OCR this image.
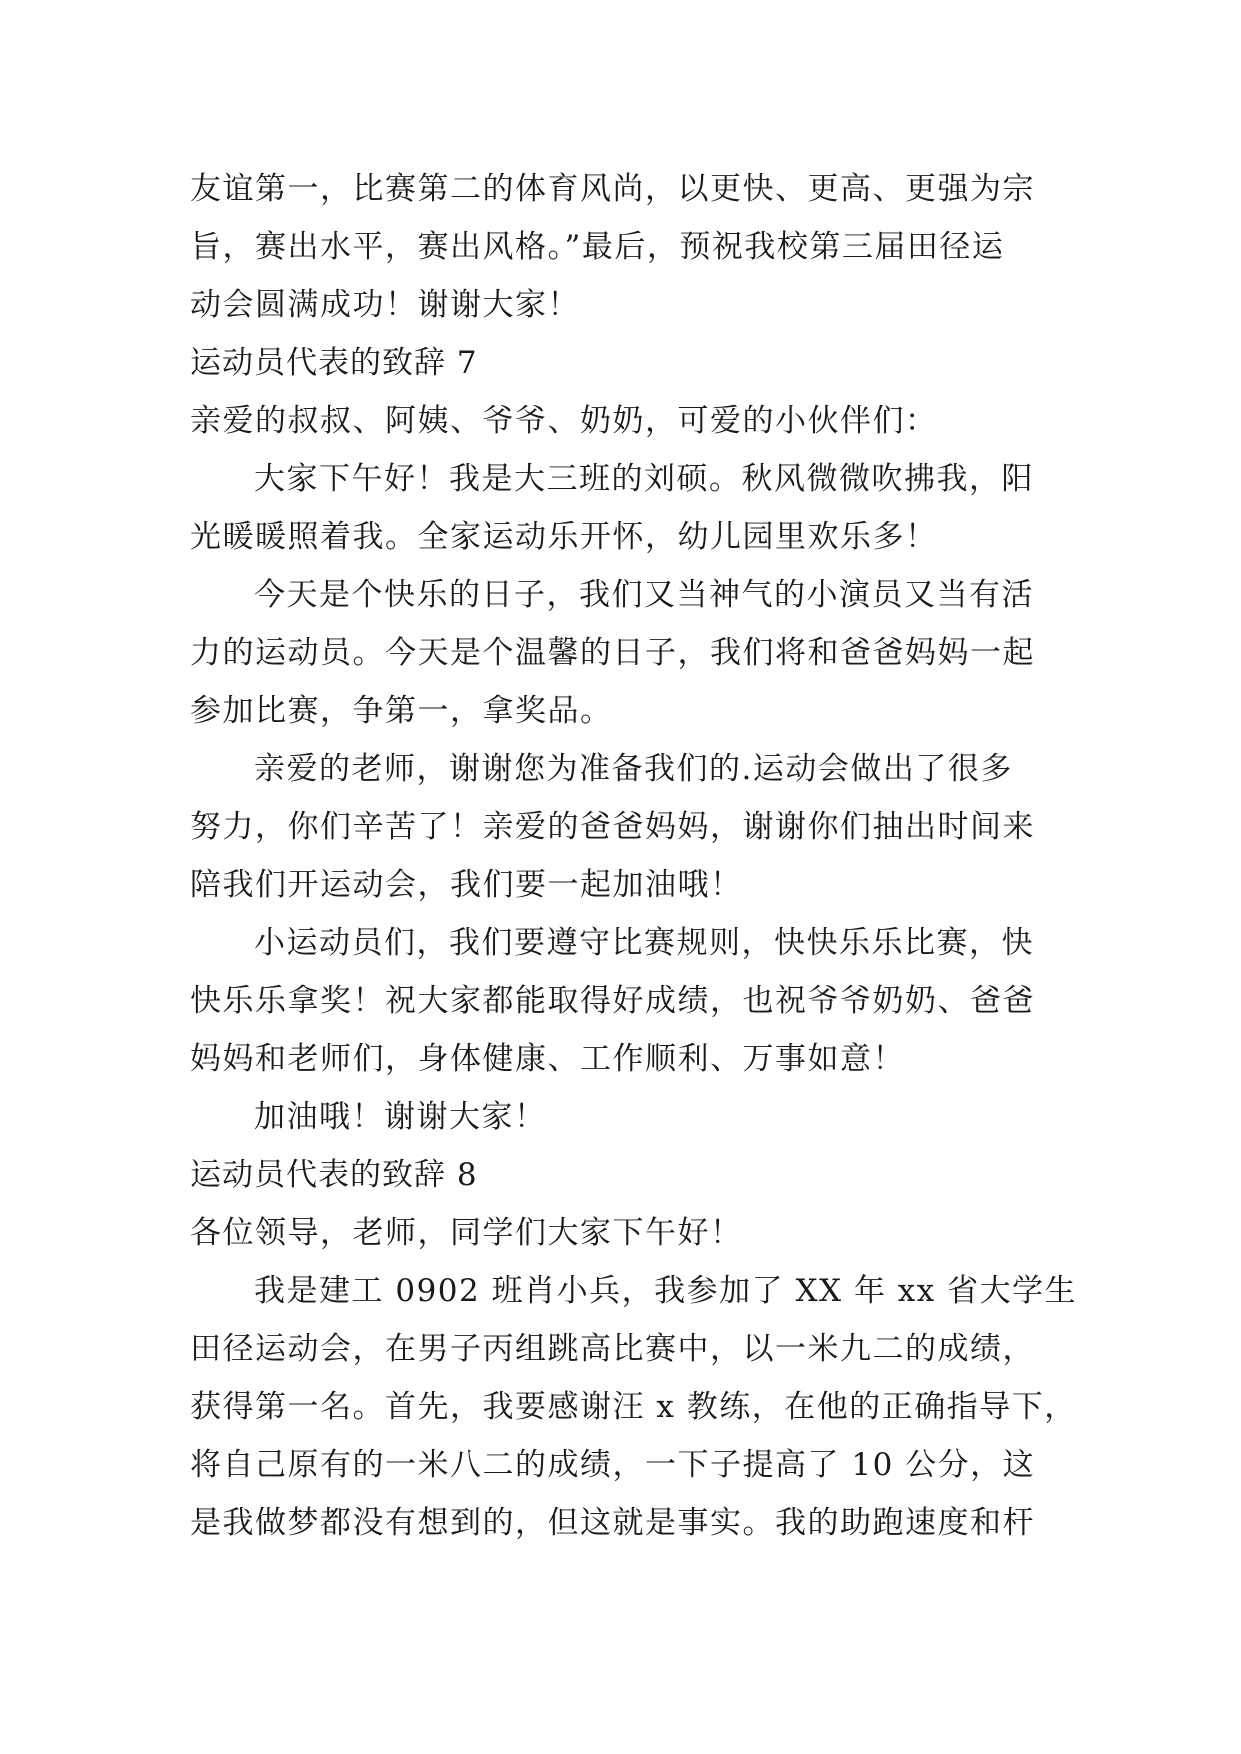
友谊第一，比赛第二的体育风尚，以更快、更高、更强为宗
旨，赛出水平，赛出风格。”最后，预祝我校第三届田径运
动会圆满成功！谢谢大家！
运动员代表的致辞 7
亲爱的叔叔、阿姨、爷爷、奶奶，可爱的小伙伴们：
大家下午好！我是大三班的刘硕。秋风微微吹拂我，阳
光暖暖照着我。全家运动乐开怀，幼儿园里欢乐多！
今天是个快乐的日子，我们又当神气的小演员又当有活
力的运动员。今天是个温馨的日子，我们将和爸爸妈妈一起
参加比赛，争第一，拿奖品。
亲爱的老师，谢谢您为准备我们的.运动会做出了很多
努力，你们辛苦了！亲爱的爸爸妈妈，谢谢你们抽出时间来
陪我们开运动会，我们要一起加油哦！
小运动员们，我们要遵守比赛规则，快快乐乐比赛，快
快乐乐拿奖！祝大家都能取得好成绩，也祝爷爷奶奶、爸爸
妈妈和老师们，身体健康、工作顺利、万事如意！
加油哦！谢谢大家！
运动员代表的致辞 8
各位领导，老师，同学们大家下午好！
我是建工 0902 班肖小兵，我参加了 XX 年 xx 省大学生
田径运动会，在男子丙组跳高比赛中，以一米九二的成绩，
获得第一名。首先，我要感谢汪 x 教练，在他的正确指导下，
将自己原有的一米八二的成绩，一下子提高了 10 公分，这
是我做梦都没有想到的，但这就是事实。我的助跑速度和杆
